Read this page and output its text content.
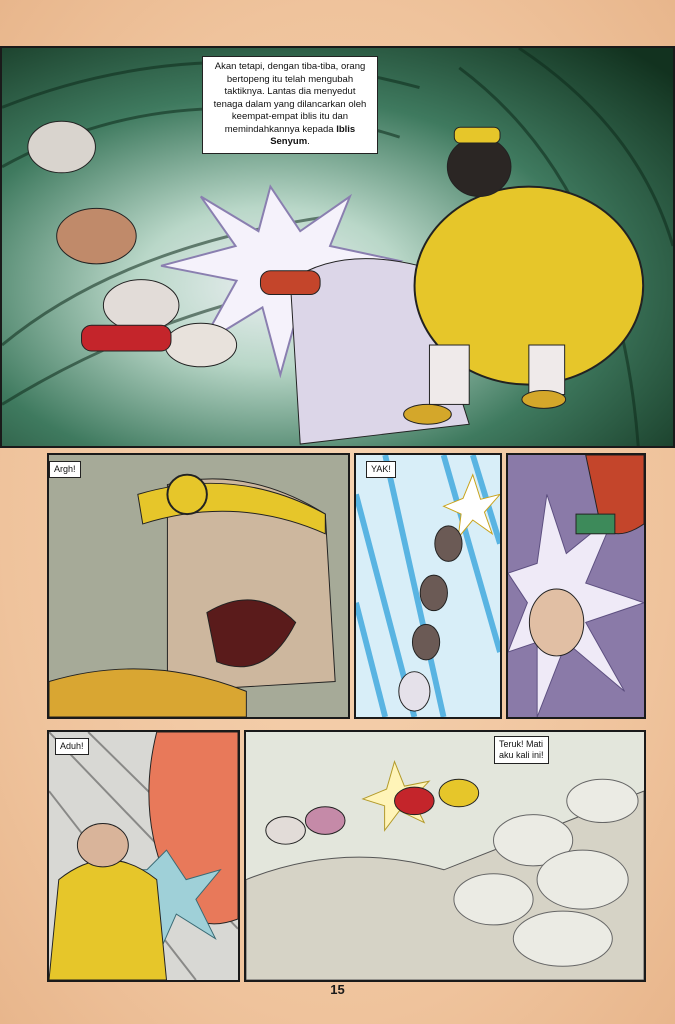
Akan tetapi, dengan tiba-tiba, orang
bertopeng itu telah mengubah
taktiknya. Lantas dia menyedut
tenaga dalam yang dilancarkan oleh
keempat-empat iblis itu dan
memindahkannya kepada Iblis Senyum.
Argh!	YAK!
Aduh!	Teruk! Mati
aku kali ini!
15
